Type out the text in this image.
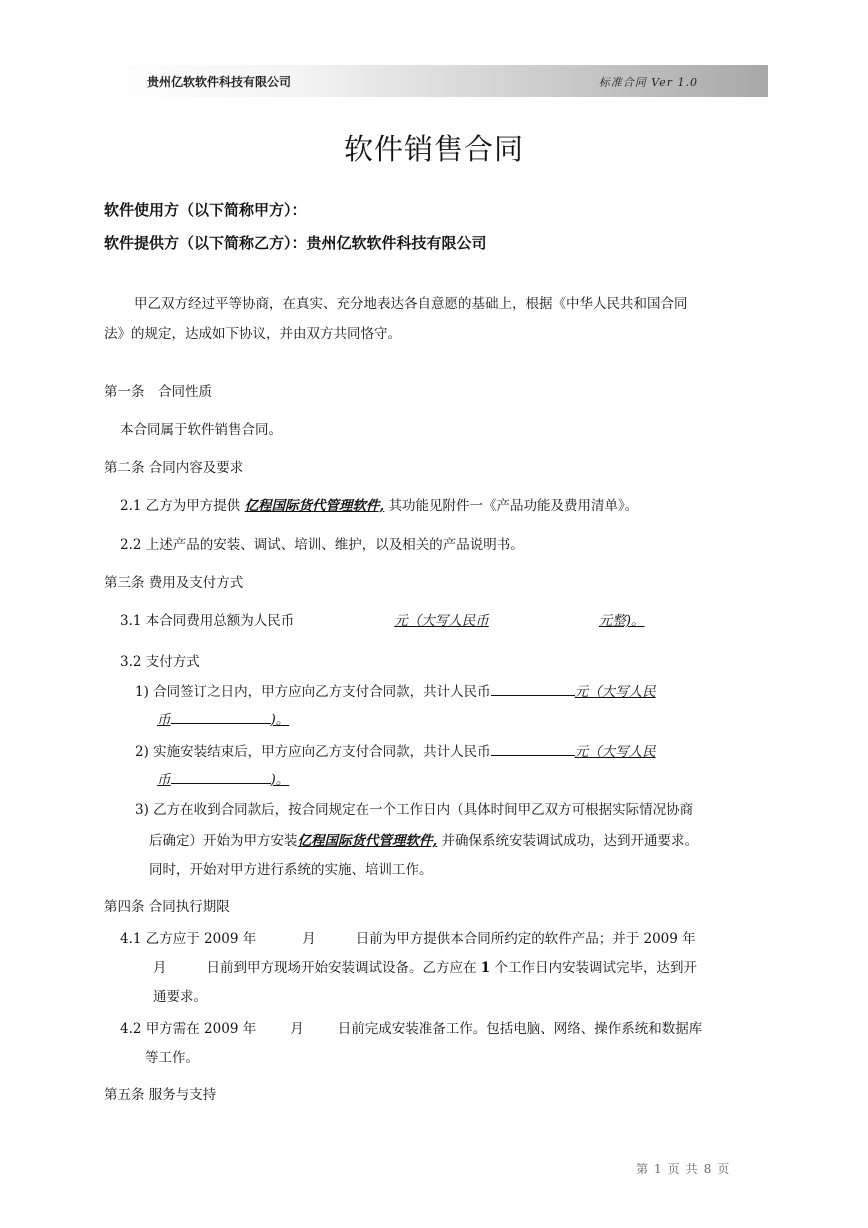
贵州亿软软件科技有限公司	标准合同 Ver 1.0
软件销售合同
软件使用方（以下简称甲方）：
软件提供方（以下简称乙方）：贵州亿软软件科技有限公司
甲乙双方经过平等协商，在真实、充分地表达各自意愿的基础上，根据《中华人民共和国合同
法》的规定，达成如下协议，并由双方共同恪守。
第一条　合同性质
本合同属于软件销售合同。
第二条 合同内容及要求
2.1 乙方为甲方提供 亿程国际货代管理软件, 其功能见附件一《产品功能及费用清单》。
2.2 上述产品的安装、调试、培训、维护，以及相关的产品说明书。
第三条 费用及支付方式
3.1 本合同费用总额为人民币	元（大写人民币	元整)。
3.2 支付方式
1) 合同签订之日内，甲方应向乙方支付合同款，共计人民币	元（大写人民
币	)。
2) 实施安装结束后，甲方应向乙方支付合同款，共计人民币	元（大写人民
币	)。
3) 乙方在收到合同款后，按合同规定在一个工作日内（具体时间甲乙双方可根据实际情况协商
后确定）开始为甲方安装亿程国际货代管理软件, 并确保系统安装调试成功，达到开通要求。
同时，开始对甲方进行系统的实施、培训工作。
第四条 合同执行期限
4.1 乙方应于 2009 年	月	日前为甲方提供本合同所约定的软件产品；并于 2009 年
月	日前到甲方现场开始安装调试设备。乙方应在 1 个工作日内安装调试完毕，达到开
通要求。
4.2 甲方需在 2009 年	月	日前完成安装准备工作。包括电脑、网络、操作系统和数据库
等工作。
第五条 服务与支持
第 1 页 共 8 页
